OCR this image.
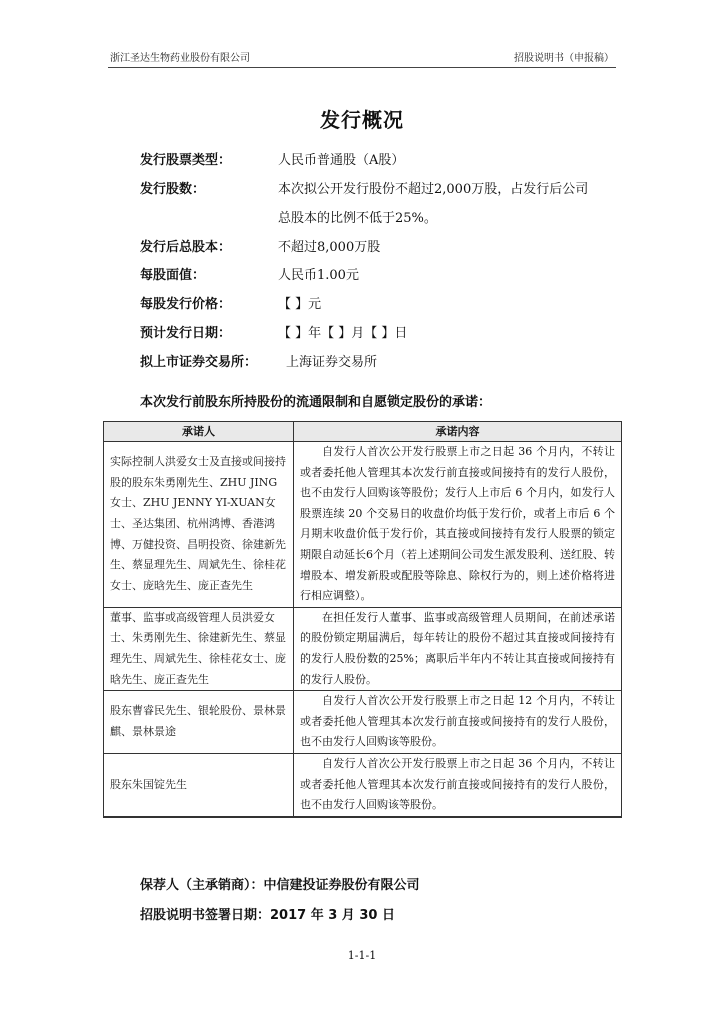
浙江圣达生物药业股份有限公司	招股说明书（申报稿）
发行概况
发行股票类型：	人民币普通股（A股）
发行股数：	本次拟公开发行股份不超过2,000万股，占发行后公司
总股本的比例不低于25%。
发行后总股本：	不超过8,000万股
每股面值：	人民币1.00元
每股发行价格：	【 】元
预计发行日期：	【 】年【 】月【 】日
拟上市证券交易所： 上海证券交易所
本次发行前股东所持股份的流通限制和自愿锁定股份的承诺：
承诺人	承诺内容
实际控制人洪爱女士及直接或间接持股的股东朱勇刚先生、ZHU JING女士、ZHU JENNY YI-XUAN女士、圣达集团、杭州鸿博、香港鸿博、万健投资、昌明投资、徐建新先生、蔡显理先生、周斌先生、徐桂花女士、庞晗先生、庞正查先生	自发行人首次公开发行股票上市之日起 36 个月内，不转让或者委托他人管理其本次发行前直接或间接持有的发行人股份，也不由发行人回购该等股份；发行人上市后 6 个月内，如发行人股票连续 20 个交易日的收盘价均低于发行价，或者上市后 6 个月期末收盘价低于发行价，其直接或间接持有发行人股票的锁定期限自动延长6个月（若上述期间公司发生派发股利、送红股、转增股本、增发新股或配股等除息、除权行为的，则上述价格将进行相应调整）。
董事、监事或高级管理人员洪爱女士、朱勇刚先生、徐建新先生、蔡显理先生、周斌先生、徐桂花女士、庞晗先生、庞正查先生	在担任发行人董事、监事或高级管理人员期间，在前述承诺的股份锁定期届满后，每年转让的股份不超过其直接或间接持有的发行人股份数的25%；离职后半年内不转让其直接或间接持有的发行人股份。
股东曹睿民先生、银轮股份、景林景麒、景林景途	自发行人首次公开发行股票上市之日起 12 个月内，不转让或者委托他人管理其本次发行前直接或间接持有的发行人股份，也不由发行人回购该等股份。
股东朱国锭先生	自发行人首次公开发行股票上市之日起 36 个月内，不转让或者委托他人管理其本次发行前直接或间接持有的发行人股份，也不由发行人回购该等股份。
保荐人（主承销商）：中信建投证券股份有限公司
招股说明书签署日期：2017 年 3 月 30 日
1-1-1
